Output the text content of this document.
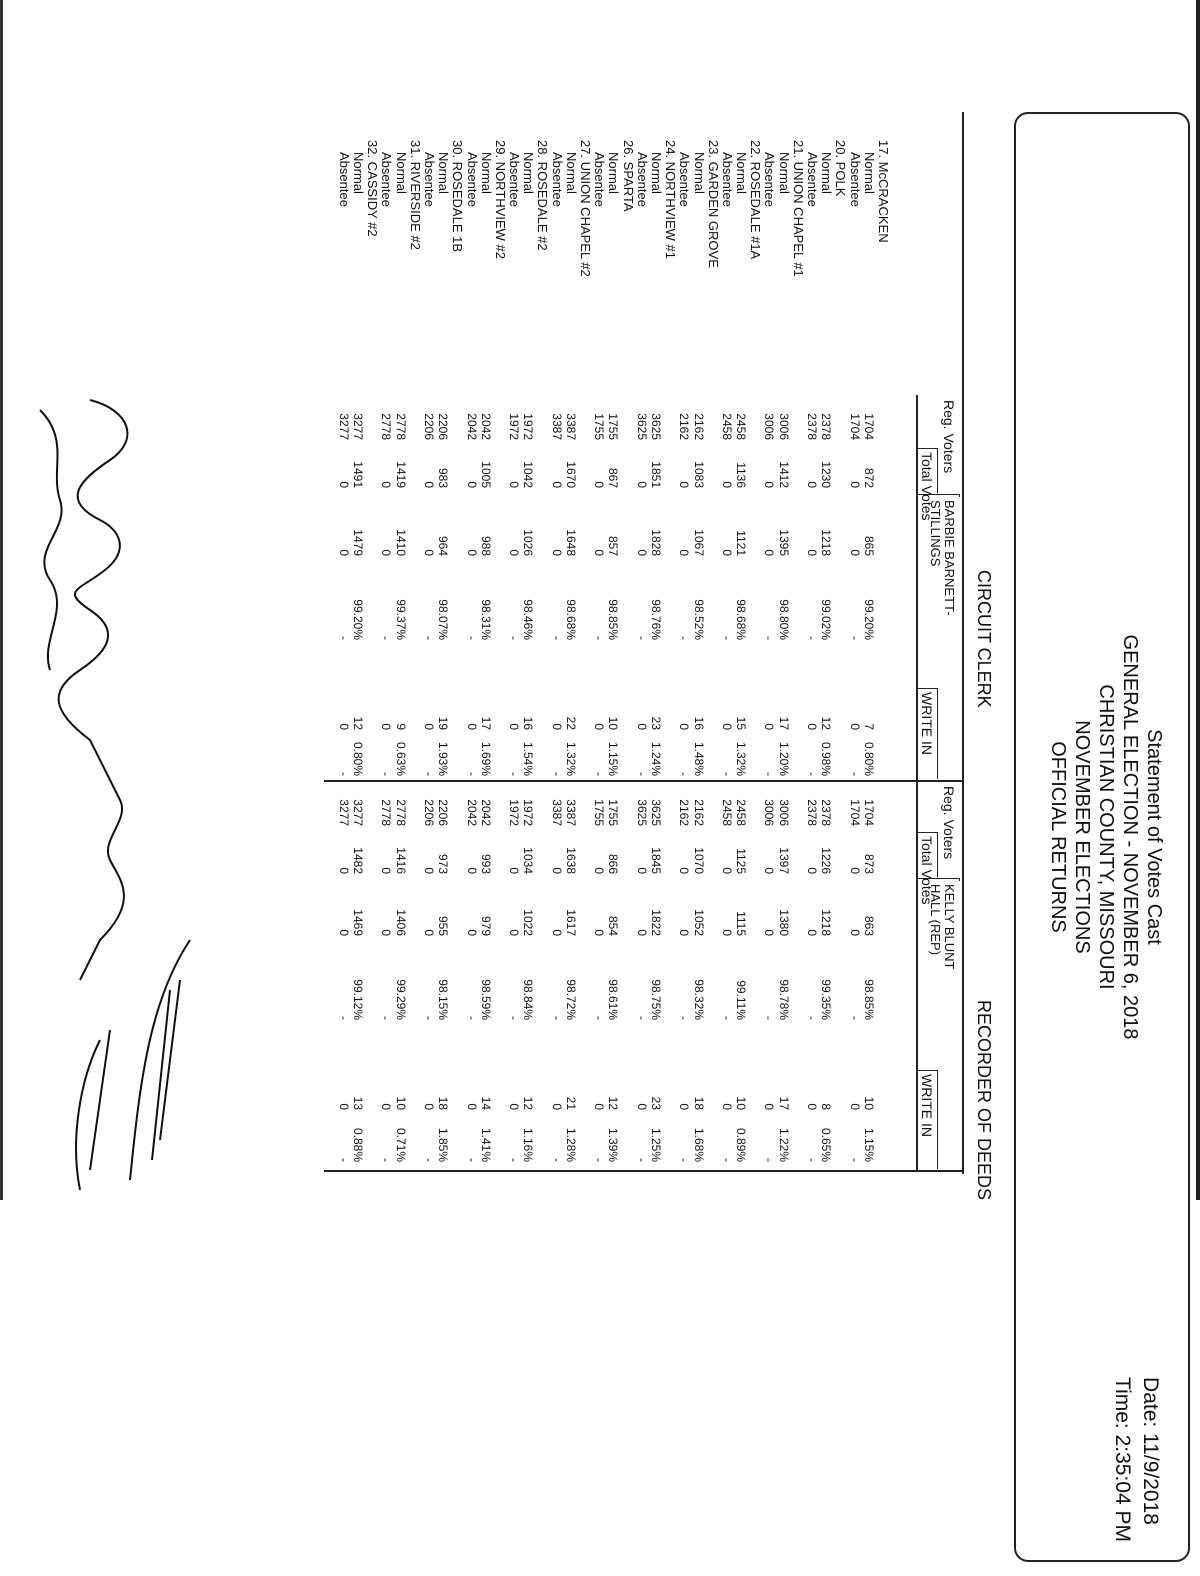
Statement of Votes Cast
GENERAL ELECTION - NOVEMBER 6, 2018
CHRISTIAN COUNTY, MISSOURI
NOVEMBER ELECTIONS
OFFICIAL RETURNS
Date: 11/9/2018
Time: 2:35:04 PM
CIRCUIT CLERK
RECORDER OF DEEDS
Reg. Voters
Total Votes
BARBIE BARNETT-STILLINGS
WRITE IN
Reg. Voters
Total Votes
KELLY BLUNT HALL (REP)
WRITE IN
17. McCRACKEN
Normal
Absentee
20. POLK
Normal
Absentee
21. UNION CHAPEL #1
Normal
Absentee
22. ROSEDALE #1A
Normal
Absentee
23. GARDEN GROVE
Normal
Absentee
24. NORTHVIEW #1
Normal
Absentee
26. SPARTA
Normal
Absentee
27. UNION CHAPEL #2
Normal
Absentee
28. ROSEDALE #2
Normal
Absentee
29. NORTHVIEW #2
Normal
Absentee
30. ROSEDALE 1B
Normal
Absentee
31. RIVERSIDE #2
Normal
Absentee
32. CASSIDY #2
Normal
Absentee
1704
1704
2378
2378
3006
3006
2458
2458
2162
2162
3625
3625
1755
1755
3387
3387
1972
1972
2042
2042
2206
2206
2778
2778
3277
3277
872
0
1230
0
1412
0
1136
0
1083
0
1851
0
867
0
1670
0
1042
0
1005
0
983
0
1419
0
1491
0
865
0
1218
0
1395
0
1121
0
1067
0
1828
0
857
0
1648
0
1026
0
988
0
964
0
1410
0
1479
0
99.20%
-
99.02%
-
98.80%
-
98.68%
-
98.52%
-
98.76%
-
98.85%
-
98.68%
-
98.46%
-
98.31%
-
98.07%
-
99.37%
-
99.20%
-
7
0
12
0
17
0
15
0
16
0
23
0
10
0
22
0
16
0
17
0
19
0
9
0
12
0
0.80%
-
0.98%
-
1.20%
-
1.32%
-
1.48%
-
1.24%
-
1.15%
-
1.32%
-
1.54%
-
1.69%
-
1.93%
-
0.63%
-
0.80%
-
1704
1704
2378
2378
3006
3006
2458
2458
2162
2162
3625
3625
1755
1755
3387
3387
1972
1972
2042
2042
2206
2206
2778
2778
3277
3277
873
0
1226
0
1397
0
1125
0
1070
0
1845
0
866
0
1638
0
1034
0
993
0
973
0
1416
0
1482
0
863
0
1218
0
1380
0
1115
0
1052
0
1822
0
854
0
1617
0
1022
0
979
0
955
0
1406
0
1469
0
98.85%
-
99.35%
-
98.78%
-
99.11%
-
98.32%
-
98.75%
-
98.61%
-
98.72%
-
98.84%
-
98.59%
-
98.15%
-
99.29%
-
99.12%
-
10
0
8
0
17
0
10
0
18
0
23
0
12
0
21
0
12
0
14
0
18
0
10
0
13
0
1.15%
-
0.65%
-
1.22%
-
0.89%
-
1.68%
-
1.25%
-
1.39%
-
1.28%
-
1.16%
-
1.41%
-
1.85%
-
0.71%
-
0.88%
-
